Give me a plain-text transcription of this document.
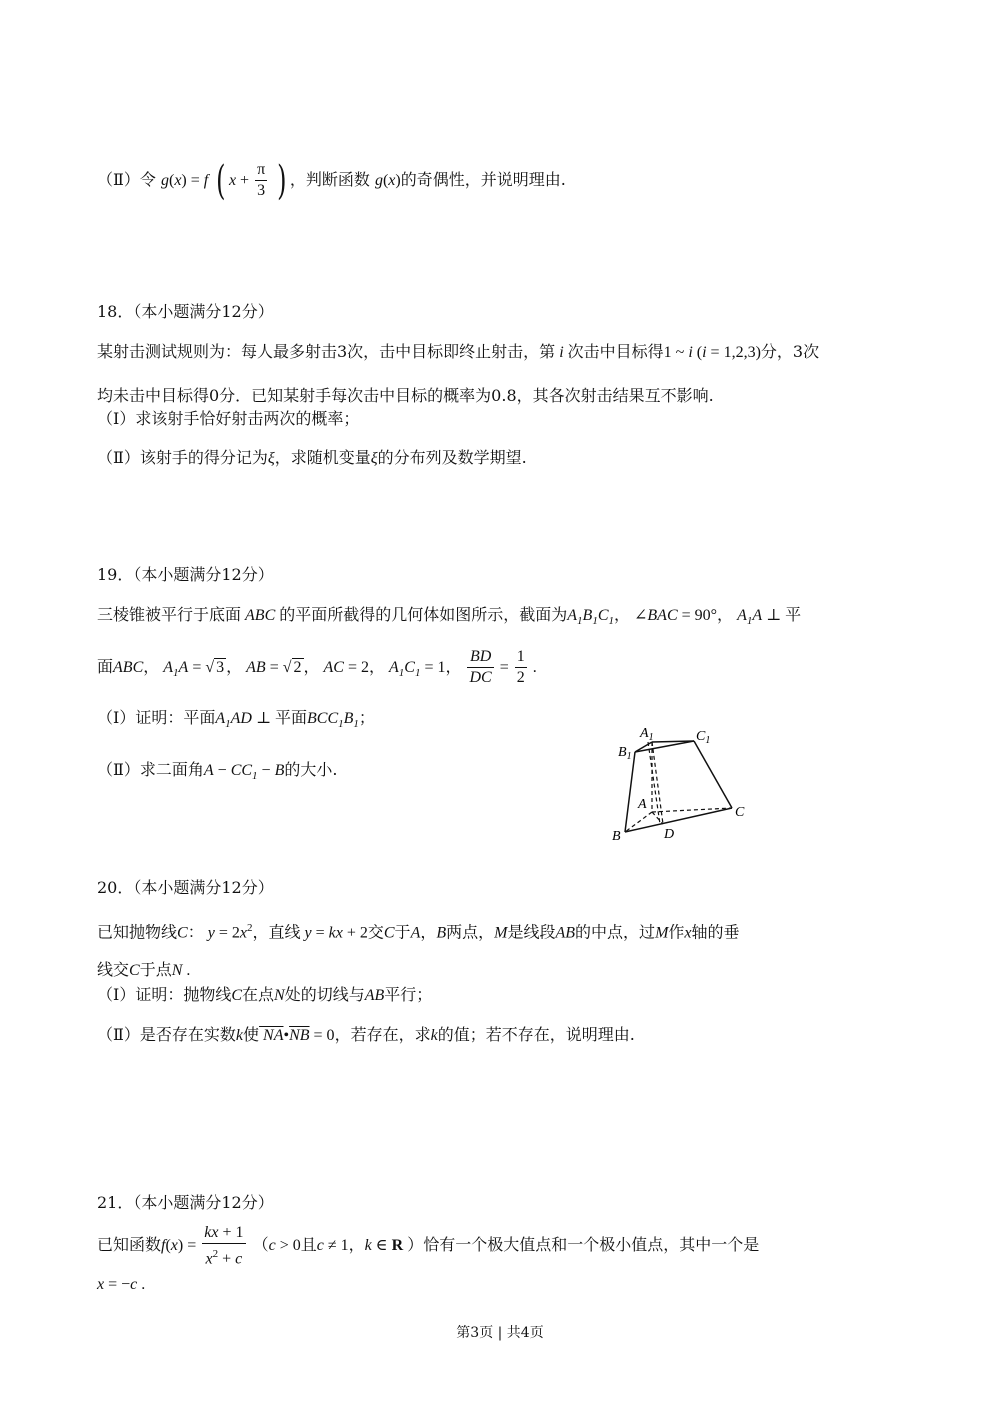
（Ⅱ）令 g(x) = f ( $x + \frac{\pi}{3}$ ) ，判断函数 g(x)的奇偶性，并说明理由.
18．（本小题满分12分）
某射击测试规则为：每人最多射击3次，击中目标即终止射击，第 i 次击中目标得1 ~ i (i = 1,2,3)分，3次
均未击中目标得0分．已知某射手每次击中目标的概率为0.8，其各次射击结果互不影响.
（Ⅰ）求该射手恰好射击两次的概率；
（Ⅱ）该射手的得分记为ξ，求随机变量ξ的分布列及数学期望.
19．（本小题满分12分）
三棱锥被平行于底面 ABC 的平面所截得的几何体如图所示，截面为$A_1B_1C_1$， ∠BAC = 90°， $A_1A$ ⊥ 平
面ABC， $A_1A$ = √ 3 ， AB = √ 2 ， AC = 2， $A_1C_1 = 1$， $\frac{BD}{DC} = \frac{1}{2}$ .
（Ⅰ）证明：平面$A_1AD$ ⊥ 平面$BCC_1B_1$；
（Ⅱ）求二面角$A - CC_1 - B$的大小.
$A_1$	$C_1$
$B_1$
A
C
B	D
20．（本小题满分12分）
已知抛物线C： $y = 2x^2$，直线 y = kx + 2交C于A，B两点，M是线段AB的中点，过M作x轴的垂
线交C于点N .
（Ⅰ）证明：抛物线C在点N处的切线与AB平行；
（Ⅱ）是否存在实数k使 $NA•\overline{NB} = 0$，若存在，求k的值；若不存在，说明理由.
21．（本小题满分12分）
已知函数$f(x) = \frac{kx + 1}{x^2 + c} (c > 0$且c ≠ 1，k ∈ R ）恰有一个极大值点和一个极小值点，其中一个是
x = −c .
第3页 | 共4页
